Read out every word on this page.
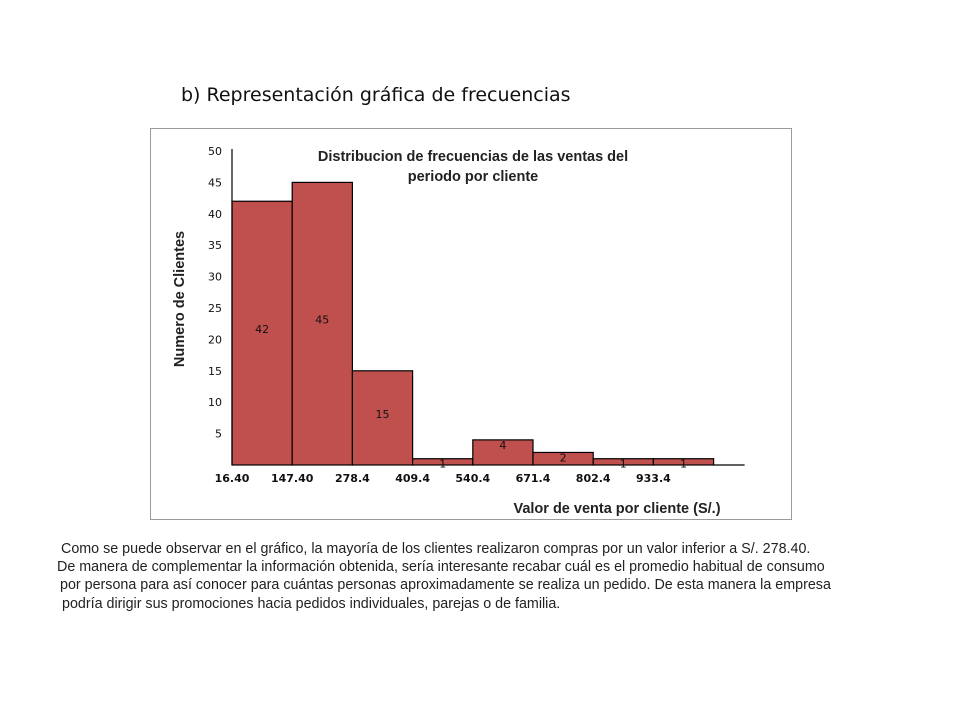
b) Representación gráfica de frecuencias
42
45
15
1
4
2	1	1
5
10
15
20
25
30
35
40
45
50
16.40 147.40 278.4 409.4 540.4 671.4 802.4 933.4
Distribucion de frecuencias de las ventas del
periodo por cliente
Valor de venta por cliente (S/.)
Numero de Clientes
Como se puede observar en el gráfico, la mayoría de los clientes realizaron compras por un valor inferior a S/. 278.40.
De manera de complementar la información obtenida, sería interesante recabar cuál es el promedio habitual de consumo
por persona para así conocer para cuántas personas aproximadamente se realiza un pedido. De esta manera la empresa
podría dirigir sus promociones hacia pedidos individuales, parejas o de familia.
